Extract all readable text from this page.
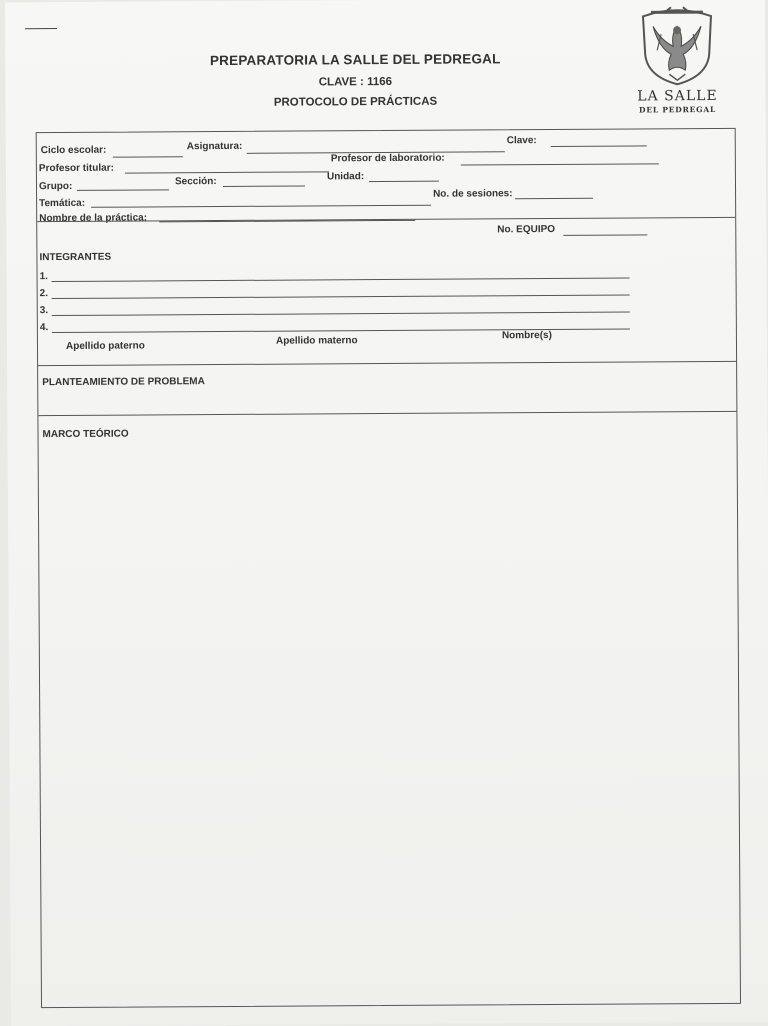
PREPARATORIA LA SALLE DEL PEDREGAL
CLAVE : 1166
PROTOCOLO DE PRÁCTICAS	LA SALLE
DEL PEDREGAL
Ciclo escolar:	Asignatura:
Clave:
Profesor titular:
Profesor de laboratorio:
Grupo:	Sección:	Unidad:
Temática:
No. de sesiones:
Nombre de la práctica:
No. EQUIPO
INTEGRANTES
1.
2.
3.
4.
Apellido paterno	Apellido materno	Nombre(s)
PLANTEAMIENTO DE PROBLEMA
MARCO TEÓRICO
